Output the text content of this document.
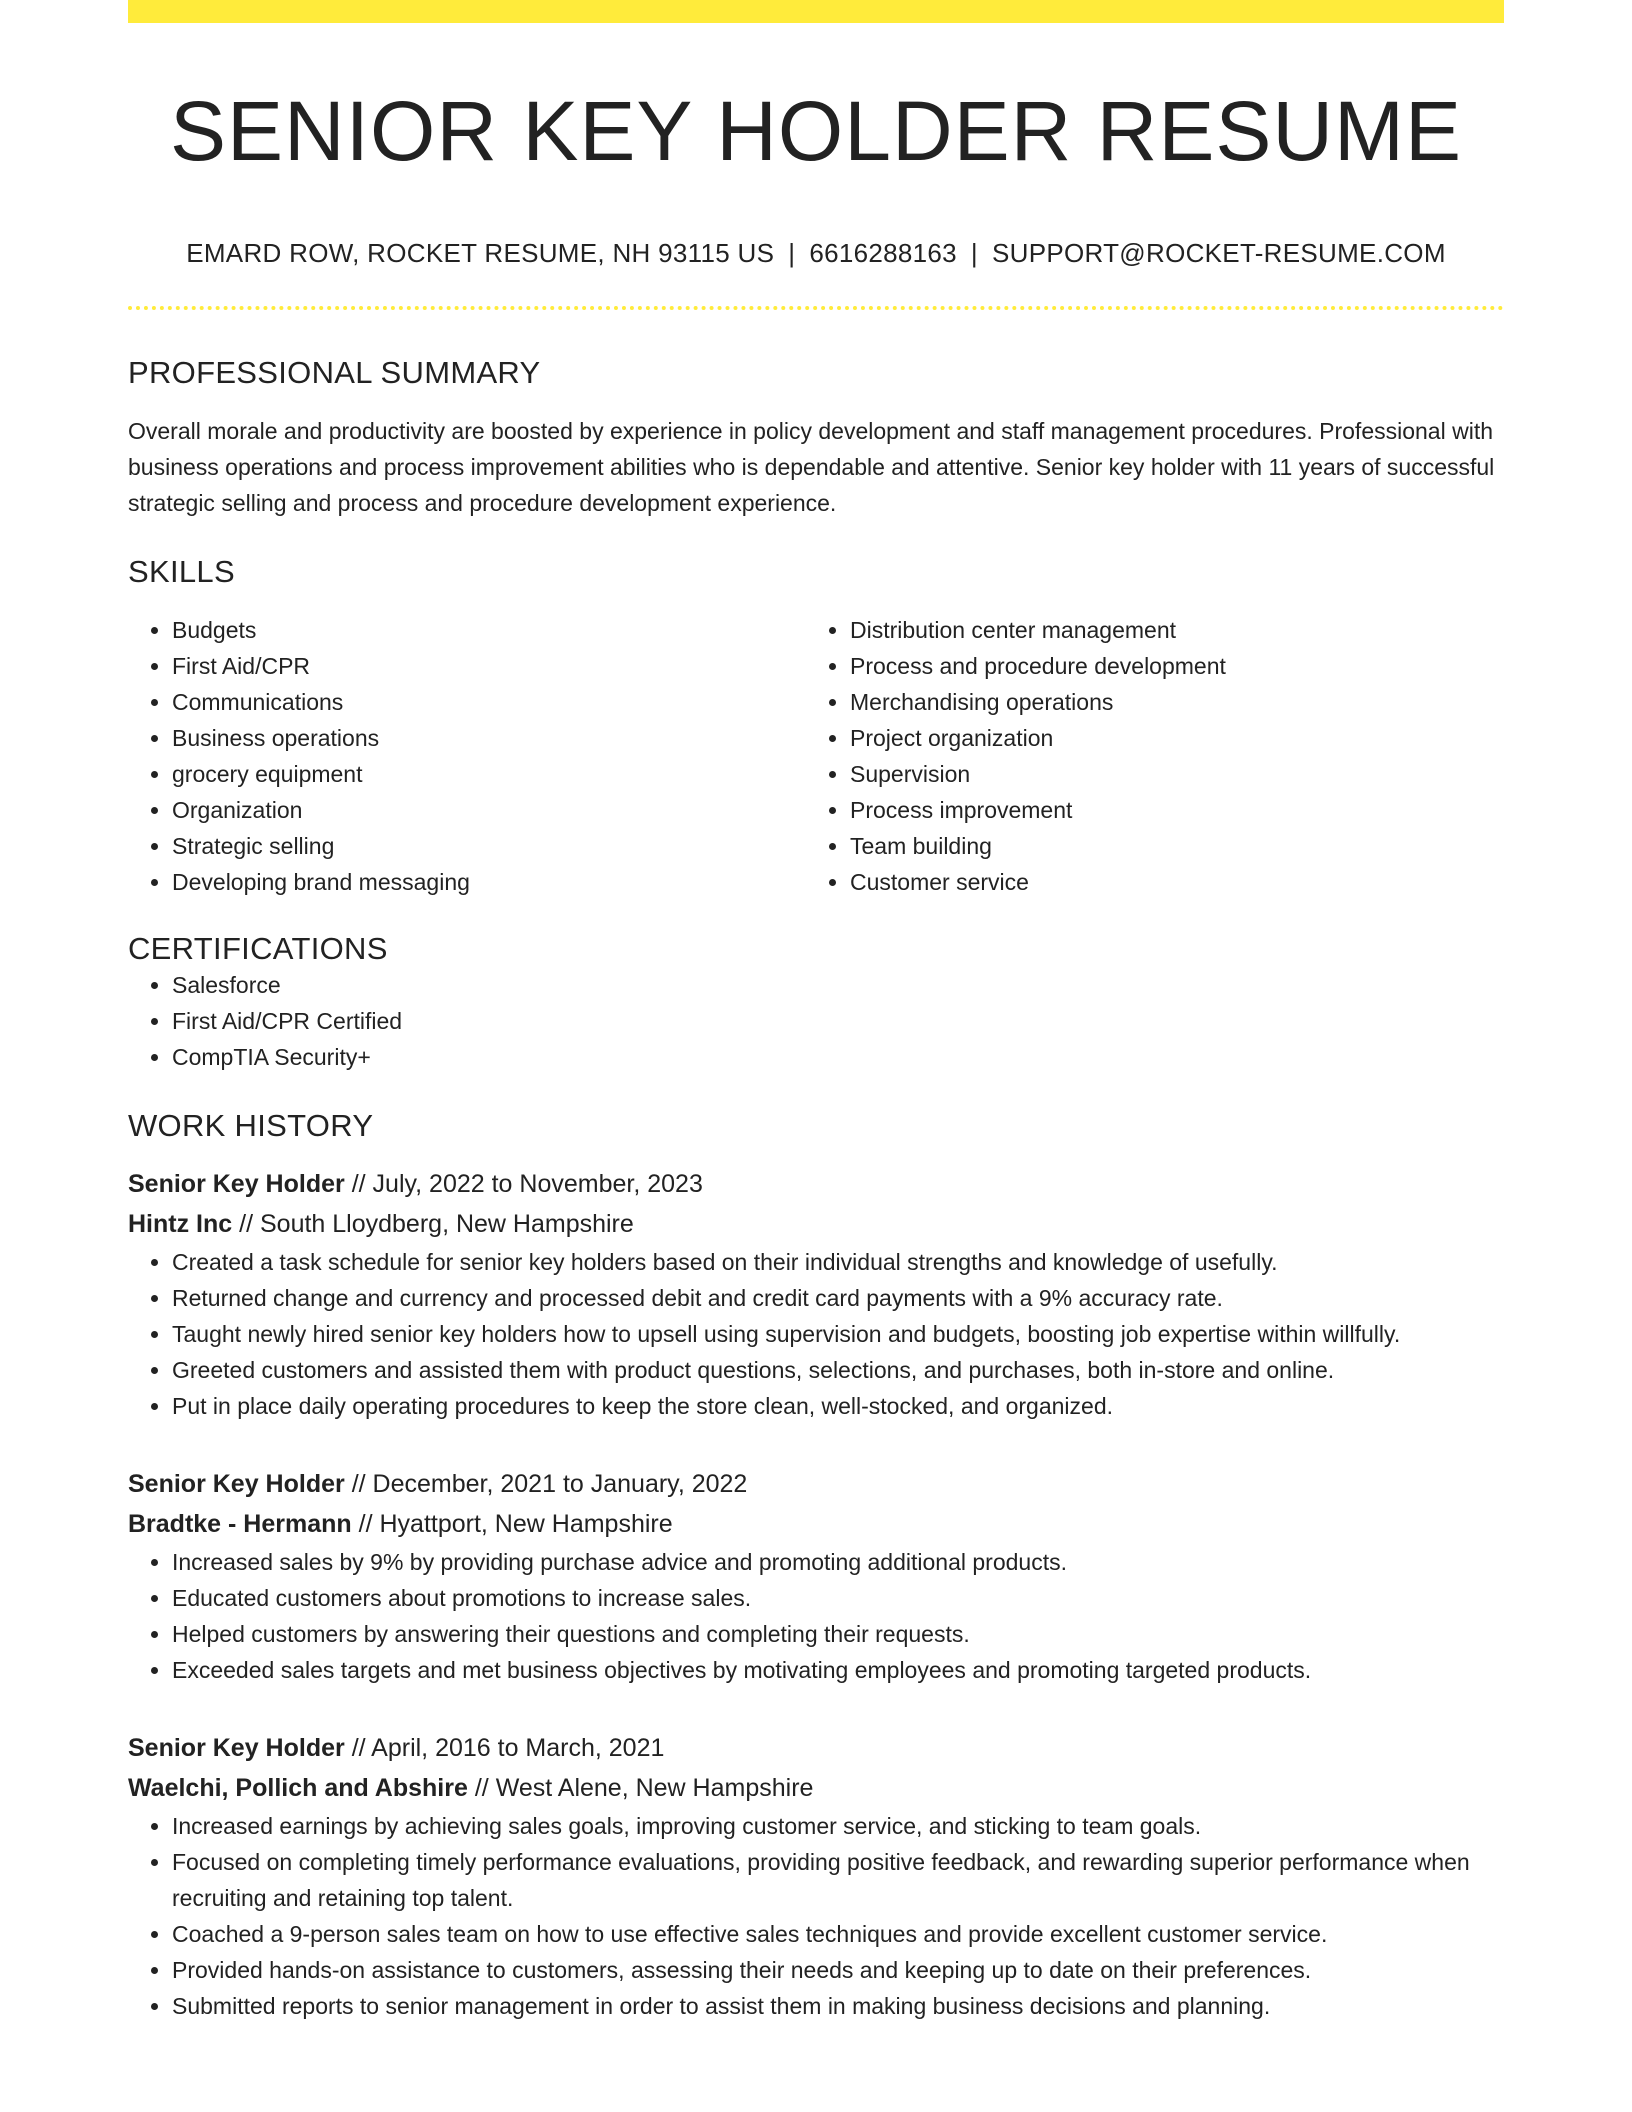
SENIOR KEY HOLDER RESUME
EMARD ROW, ROCKET RESUME, NH 93115 US | 6616288163 | SUPPORT@ROCKET-RESUME.COM
PROFESSIONAL SUMMARY
Overall morale and productivity are boosted by experience in policy development and staff management procedures. Professional with business operations and process improvement abilities who is dependable and attentive. Senior key holder with 11 years of successful strategic selling and process and procedure development experience.
SKILLS
• Budgets
• First Aid/CPR
• Communications
• Business operations
• grocery equipment
• Organization
• Strategic selling
• Developing brand messaging
• Distribution center management
• Process and procedure development
• Merchandising operations
• Project organization
• Supervision
• Process improvement
• Team building
• Customer service
CERTIFICATIONS
• Salesforce
• First Aid/CPR Certified
• CompTIA Security+
WORK HISTORY
Senior Key Holder // July, 2022 to November, 2023
Hintz Inc // South Lloydberg, New Hampshire
• Created a task schedule for senior key holders based on their individual strengths and knowledge of usefully.
• Returned change and currency and processed debit and credit card payments with a 9% accuracy rate.
• Taught newly hired senior key holders how to upsell using supervision and budgets, boosting job expertise within willfully.
• Greeted customers and assisted them with product questions, selections, and purchases, both in-store and online.
• Put in place daily operating procedures to keep the store clean, well-stocked, and organized.
Senior Key Holder // December, 2021 to January, 2022
Bradtke - Hermann // Hyattport, New Hampshire
• Increased sales by 9% by providing purchase advice and promoting additional products.
• Educated customers about promotions to increase sales.
• Helped customers by answering their questions and completing their requests.
• Exceeded sales targets and met business objectives by motivating employees and promoting targeted products.
Senior Key Holder // April, 2016 to March, 2021
Waelchi, Pollich and Abshire // West Alene, New Hampshire
• Increased earnings by achieving sales goals, improving customer service, and sticking to team goals.
• Focused on completing timely performance evaluations, providing positive feedback, and rewarding superior performance when recruiting and retaining top talent.
• Coached a 9-person sales team on how to use effective sales techniques and provide excellent customer service.
• Provided hands-on assistance to customers, assessing their needs and keeping up to date on their preferences.
• Submitted reports to senior management in order to assist them in making business decisions and planning.
